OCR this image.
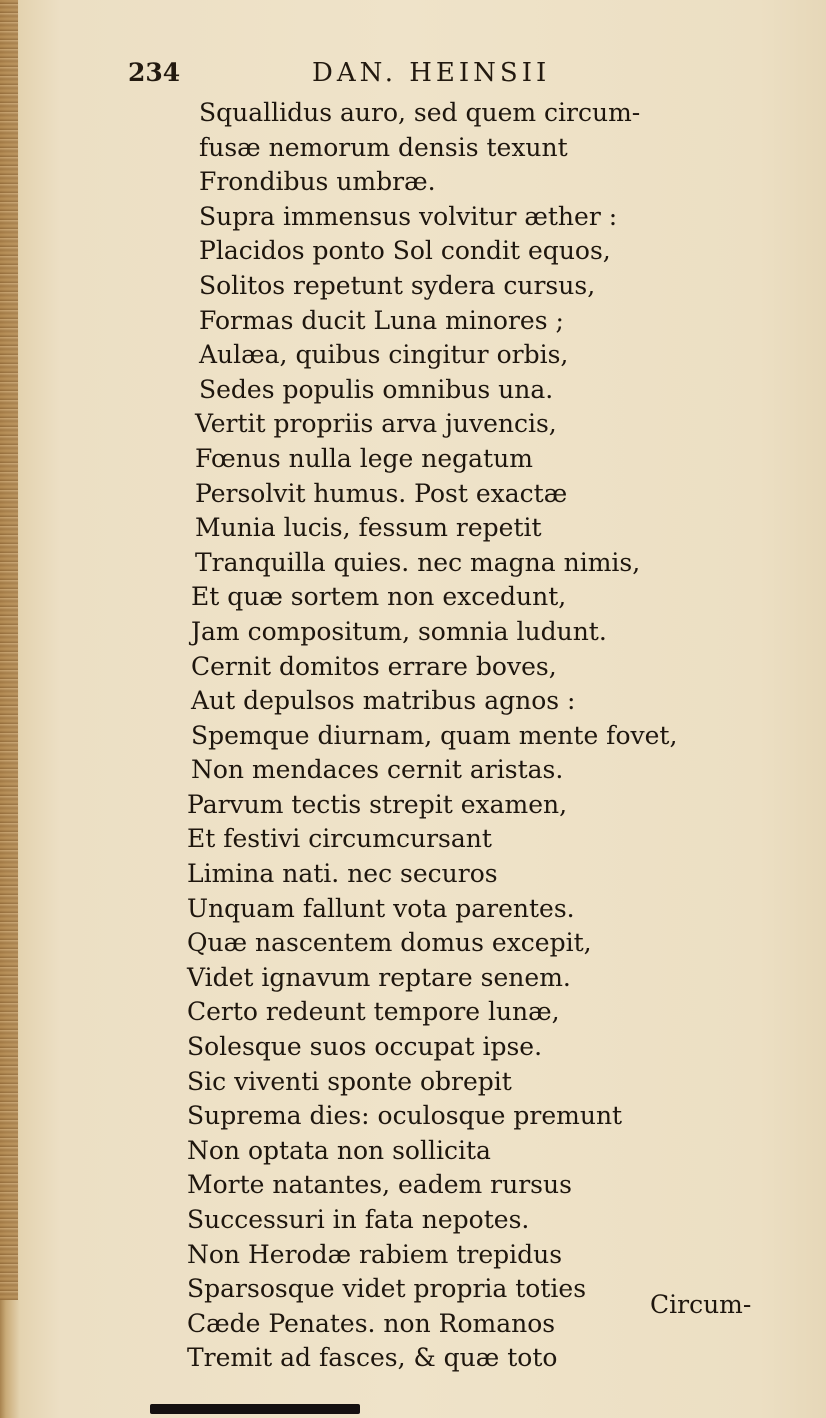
234	DAN. HEINSII
Squallidus auro, sed quem circum-
fusæ nemorum densis texunt
Frondibus umbræ.
Supra immensus volvitur æther :
Placidos ponto Sol condit equos,
Solitos repetunt sydera cursus,
Formas ducit Luna minores ;
Aulæa, quibus cingitur orbis,
Sedes populis omnibus una.
Vertit propriis arva juvencis,
Fœnus nulla lege negatum
Persolvit humus. Post exactæ
Munia lucis, fessum repetit
Tranquilla quies. nec magna nimis,
Et quæ sortem non excedunt,
Jam compositum, somnia ludunt.
Cernit domitos errare boves,
Aut depulsos matribus agnos :
Spemque diurnam, quam mente fovet,
Non mendaces cernit aristas.
Parvum tectis strepit examen,
Et festivi circumcursant
Limina nati. nec securos
Unquam fallunt vota parentes.
Quæ nascentem domus excepit,
Videt ignavum reptare senem.
Certo redeunt tempore lunæ,
Solesque suos occupat ipse.
Sic viventi sponte obrepit
Suprema dies: oculosque premunt
Non optata non sollicita
Morte natantes, eadem rursus
Successuri in fata nepotes.
Non Herodæ rabiem trepidus
Sparsosque videt propria toties
Cæde Penates. non Romanos
Tremit ad fasces, & quæ toto
Circum-
